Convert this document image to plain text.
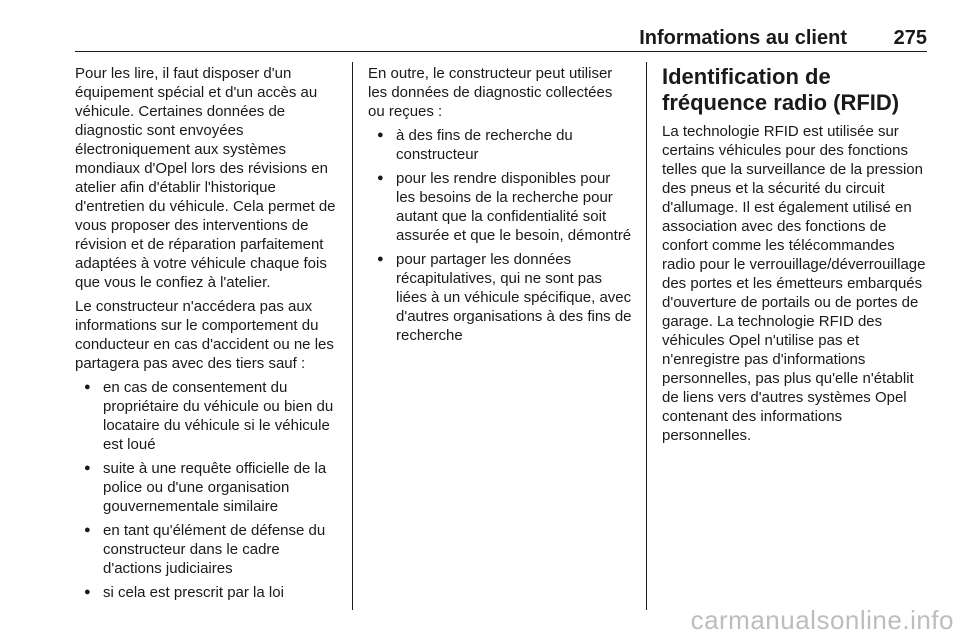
Informations au client 275

Pour les lire, il faut disposer d'un équipement spécial et d'un accès au véhicule. Certaines données de diagnostic sont envoyées électroniquement aux systèmes mondiaux d'Opel lors des révisions en atelier afin d'établir l'historique d'entretien du véhicule. Cela permet de vous proposer des interventions de révision et de réparation parfaitement adaptées à votre véhicule chaque fois que vous le confiez à l'atelier.

Le constructeur n'accédera pas aux informations sur le comportement du conducteur en cas d'accident ou ne les partagera pas avec des tiers sauf :

● en cas de consentement du propriétaire du véhicule ou bien du locataire du véhicule si le véhicule est loué
● suite à une requête officielle de la police ou d'une organisation gouvernementale similaire
● en tant qu'élément de défense du constructeur dans le cadre d'actions judiciaires
● si cela est prescrit par la loi

En outre, le constructeur peut utiliser les données de diagnostic collectées ou reçues :

● à des fins de recherche du constructeur
● pour les rendre disponibles pour les besoins de la recherche pour autant que la confidentialité soit assurée et que le besoin, démontré
● pour partager les données récapitulatives, qui ne sont pas liées à un véhicule spécifique, avec d'autres organisations à des fins de recherche
Identification de fréquence radio (RFID)

La technologie RFID est utilisée sur certains véhicules pour des fonctions telles que la surveillance de la pression des pneus et la sécurité du circuit d'allumage. Il est également utilisé en association avec des fonctions de confort comme les télécommandes radio pour le verrouillage/déverrouillage des portes et les émetteurs embarqués d'ouverture de portails ou de portes de garage. La technologie RFID des véhicules Opel n'utilise pas et n'enregistre pas d'informations personnelles, pas plus qu'elle n'établit de liens vers d'autres systèmes Opel contenant des informations personnelles.

carmanualsonline.info
